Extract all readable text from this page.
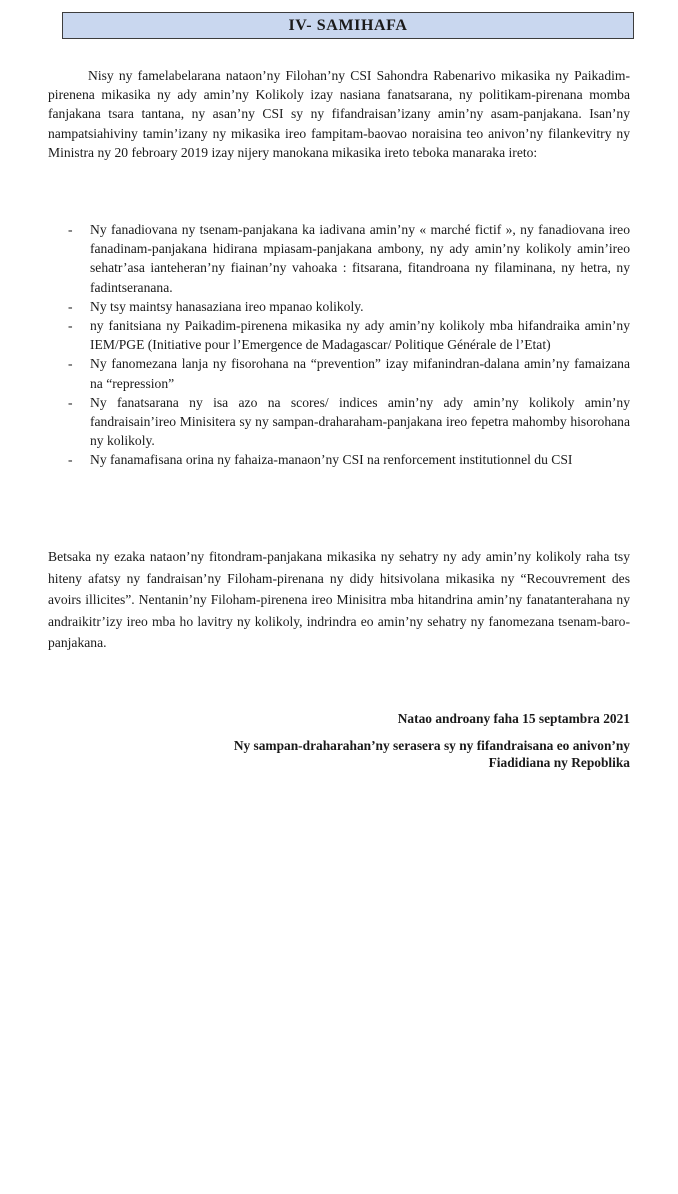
IV- SAMIHAFA

Nisy ny famelabelarana nataon’ny Filohan’ny CSI Sahondra Rabenarivo mikasika ny Paikadim-pirenena mikasika ny ady amin’ny Kolikoly izay nasiana fanatsarana, ny politikam-pirenana momba fanjakana tsara tantana, ny asan’ny CSI sy ny fifandraisan’izany amin’ny asam-panjakana. Isan’ny nampatsiahiviny tamin’izany ny mikasika ireo fampitam-baovao noraisina teo anivon’ny filankevitry ny Ministra ny 20 febroary 2019 izay nijery manokana mikasika ireto teboka manaraka ireto:

- Ny fanadiovana ny tsenam-panjakana ka iadivana amin’ny « marché fictif », ny fanadiovana ireo fanadinam-panjakana hidirana mpiasam-panjakana ambony, ny ady amin’ny kolikoly amin’ireo sehatr’asa ianteheran’ny fiainan’ny vahoaka : fitsarana, fitandroana ny filaminana, ny hetra, ny fadintseranana.
- Ny tsy maintsy hanasaziana ireo mpanao kolikoly.
- ny fanitsiana ny Paikadim-pirenena mikasika ny ady amin’ny kolikoly mba hifandraika amin’ny IEM/PGE (Initiative pour l’Emergence de Madagascar/ Politique Générale de l’Etat)
- Ny fanomezana lanja ny fisorohana na “prevention” izay mifanindran-dalana amin’ny famaizana na “repression”
- Ny fanatsarana ny isa azo na scores/ indices amin’ny ady amin’ny kolikoly amin’ny fandraisain’ireo Minisitera sy ny sampan-draharaham-panjakana ireo fepetra mahomby hisorohana ny kolikoly.
- Ny fanamafisana orina ny fahaiza-manaon’ny CSI na renforcement institutionnel du CSI

Betsaka ny ezaka nataon’ny fitondram-panjakana mikasika ny sehatry ny ady amin’ny kolikoly raha tsy hiteny afatsy ny fandraisan’ny Filoham-pirenana ny didy hitsivolana mikasika ny “Recouvrement des avoirs illicites”. Nentanin’ny Filoham-pirenena ireo Minisitra mba hitandrina amin’ny fanatanterahana ny andraikitr’izy ireo mba ho lavitry ny kolikoly, indrindra eo amin’ny sehatry ny fanomezana tsenam-baro-panjakana.

Natao androany faha 15 septambra 2021
Ny sampan-draharahan’ny serasera sy ny fifandraisana eo anivon’ny
Fiadidiana ny Repoblika
